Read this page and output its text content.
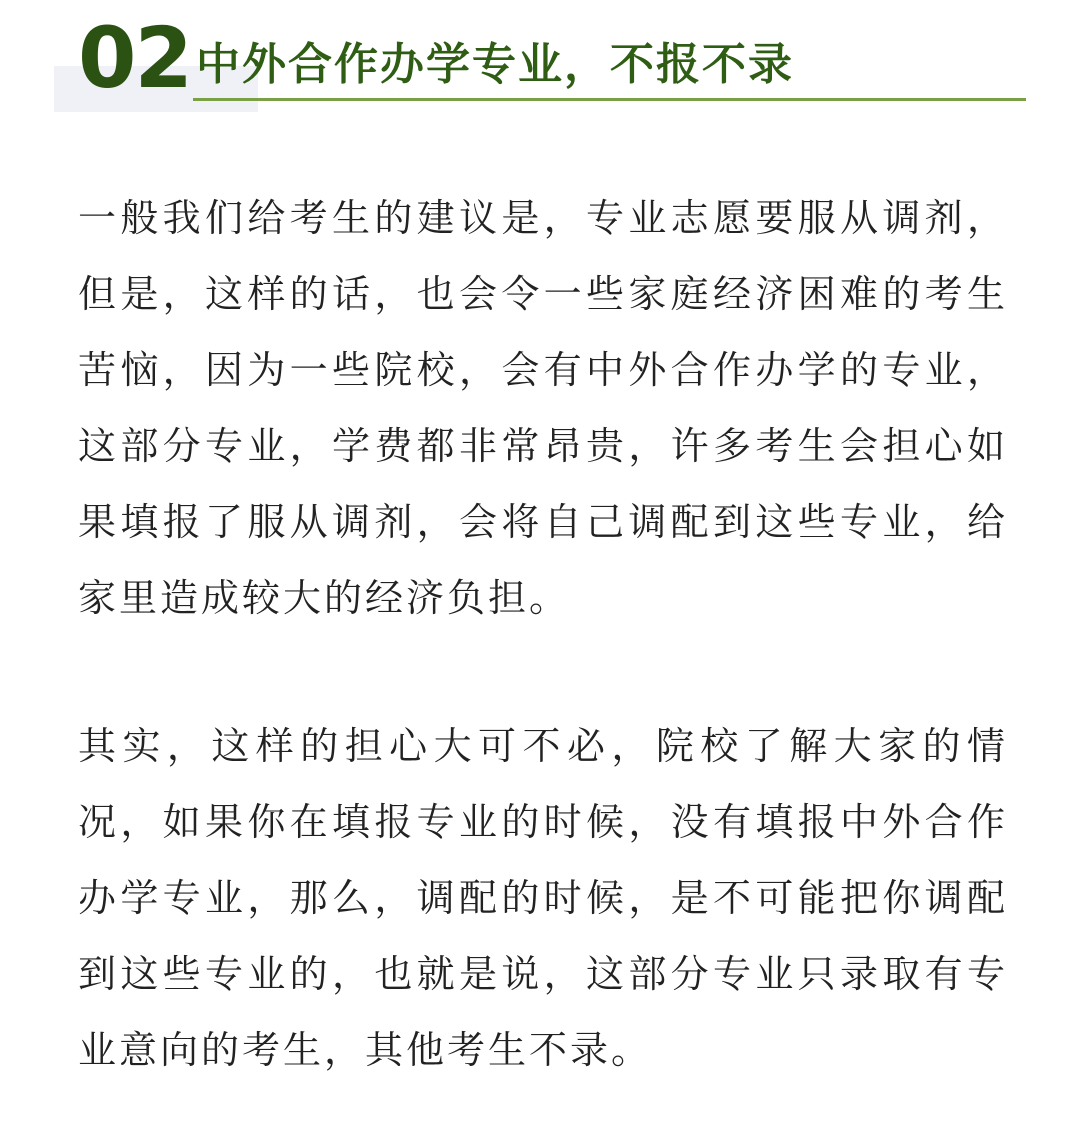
02 中外合作办学专业，不报不录

一般我们给考生的建议是，专业志愿要服从调剂，但是，这样的话，也会令一些家庭经济困难的考生苦恼，因为一些院校，会有中外合作办学的专业，这部分专业，学费都非常昂贵，许多考生会担心如果填报了服从调剂，会将自己调配到这些专业，给家里造成较大的经济负担。

其实，这样的担心大可不必，院校了解大家的情况，如果你在填报专业的时候，没有填报中外合作办学专业，那么，调配的时候，是不可能把你调配到这些专业的，也就是说，这部分专业只录取有专业意向的考生，其他考生不录。
